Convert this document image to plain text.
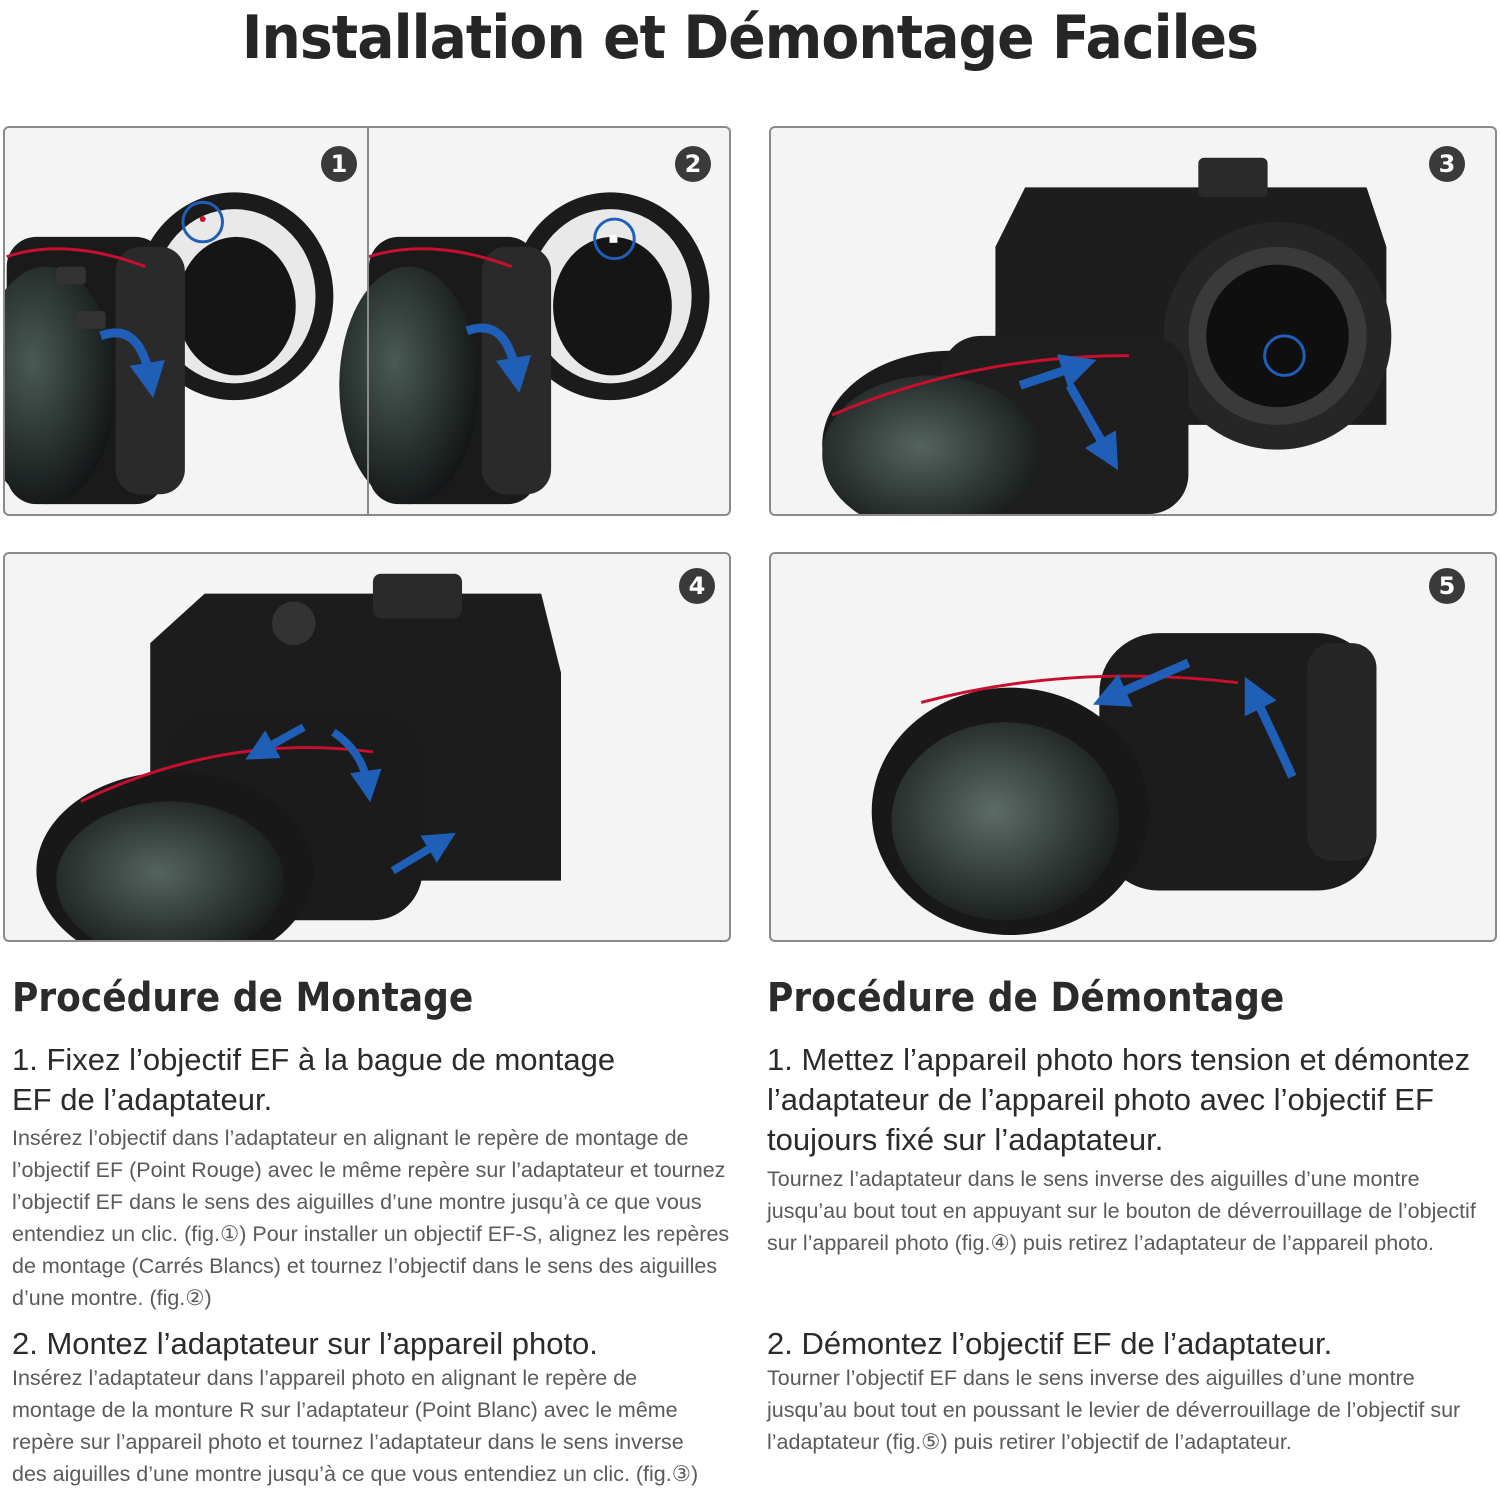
Installation et Démontage Faciles
1	2	3
4	5
Procédure de Montage
1. Fixez l’objectif EF à la bague de montage EF de l’adaptateur.
Insérez l’objectif dans l’adaptateur en alignant le repère de montage de l’objectif EF (Point Rouge) avec le même repère sur l’adaptateur et tournez l’objectif EF dans le sens des aiguilles d’une montre jusqu’à ce que vous entendiez un clic. (fig.①) Pour installer un objectif EF-S, alignez les repères de montage (Carrés Blancs) et tournez l’objectif dans le sens des aiguilles d’une montre. (fig.②)
2. Montez l’adaptateur sur l’appareil photo.
Insérez l’adaptateur dans l’appareil photo en alignant le repère de montage de la monture R sur l’adaptateur (Point Blanc) avec le même repère sur l’appareil photo et tournez l’adaptateur dans le sens inverse des aiguilles d’une montre jusqu’à ce que vous entendiez un clic. (fig.③)
Procédure de Démontage
1. Mettez l’appareil photo hors tension et démontez l’adaptateur de l’appareil photo avec l’objectif EF toujours fixé sur l’adaptateur.
Tournez l’adaptateur dans le sens inverse des aiguilles d’une montre jusqu’au bout tout en appuyant sur le bouton de déverrouillage de l’objectif sur l’appareil photo (fig.④) puis retirez l’adaptateur de l’appareil photo.
2. Démontez l’objectif EF de l’adaptateur.
Tourner l’objectif EF dans le sens inverse des aiguilles d’une montre jusqu’au bout tout en poussant le levier de déverrouillage de l’objectif sur l’adaptateur (fig.⑤) puis retirer l’objectif de l’adaptateur.
